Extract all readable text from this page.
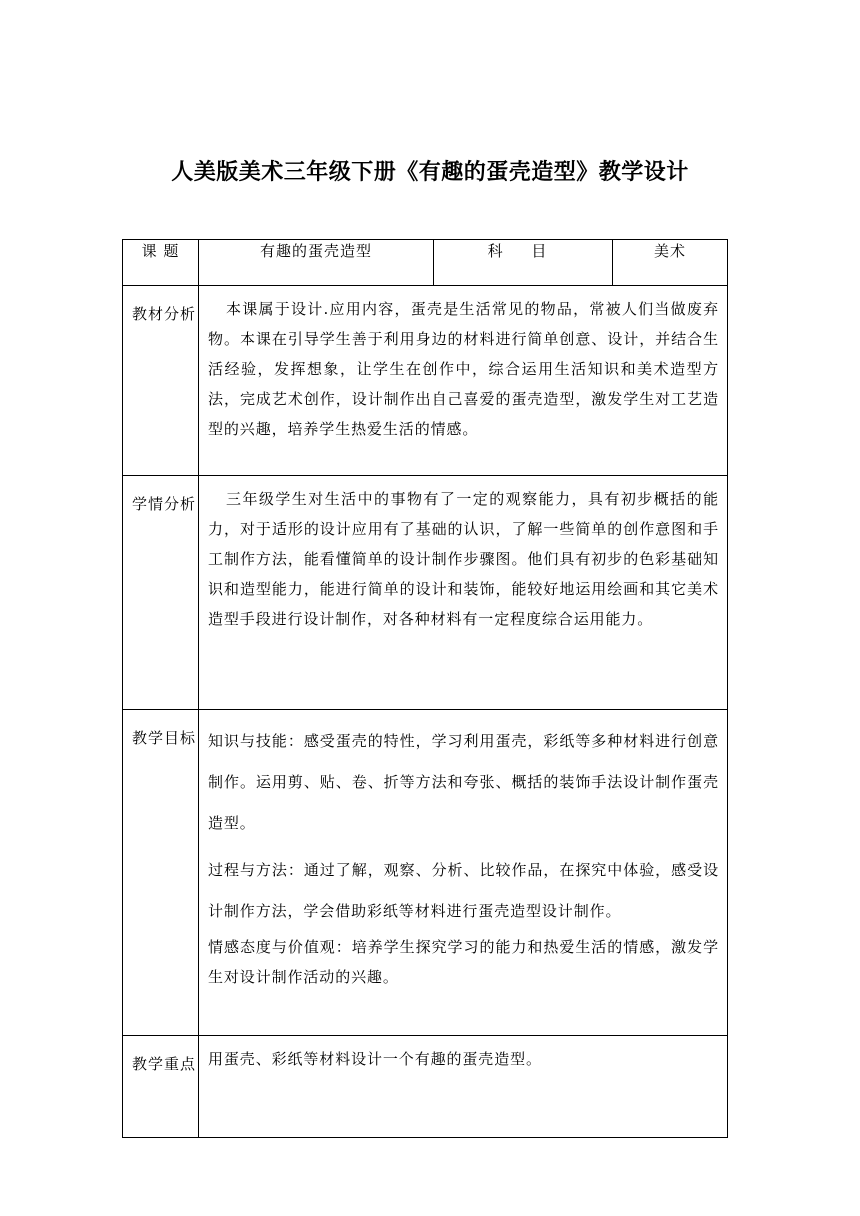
人美版美术三年级下册《有趣的蛋壳造型》教学设计
课 题	有趣的蛋壳造型	科 目	美术
教材分析	本课属于设计.应用内容，蛋壳是生活常见的物品，常被人们当做废弃物。本课在引导学生善于利用身边的材料进行简单创意、设计，并结合生活经验，发挥想象，让学生在创作中，综合运用生活知识和美术造型方法，完成艺术创作，设计制作出自己喜爱的蛋壳造型，激发学生对工艺造型的兴趣，培养学生热爱生活的情感。		

学情分析	三年级学生对生活中的事物有了一定的观察能力，具有初步概括的能力，对于适形的设计应用有了基础的认识，了解一些简单的创作意图和手工制作方法，能看懂简单的设计制作步骤图。他们具有初步的色彩基础知识和造型能力，能进行简单的设计和装饰，能较好地运用绘画和其它美术造型手段进行设计制作，对各种材料有一定程度综合运用能力。		

教学目标	知识与技能：感受蛋壳的特性，学习利用蛋壳，彩纸等多种材料进行创意制作。运用剪、贴、卷、折等方法和夸张、概括的装饰手法设计制作蛋壳造型。

过程与方法：通过了解，观察、分析、比较作品，在探究中体验，感受设计制作方法，学会借助彩纸等材料进行蛋壳造型设计制作。

情感态度与价值观：培养学生探究学习的能力和热爱生活的情感，激发学生对设计制作活动的兴趣。		

教学重点	用蛋壳、彩纸等材料设计一个有趣的蛋壳造型。		
